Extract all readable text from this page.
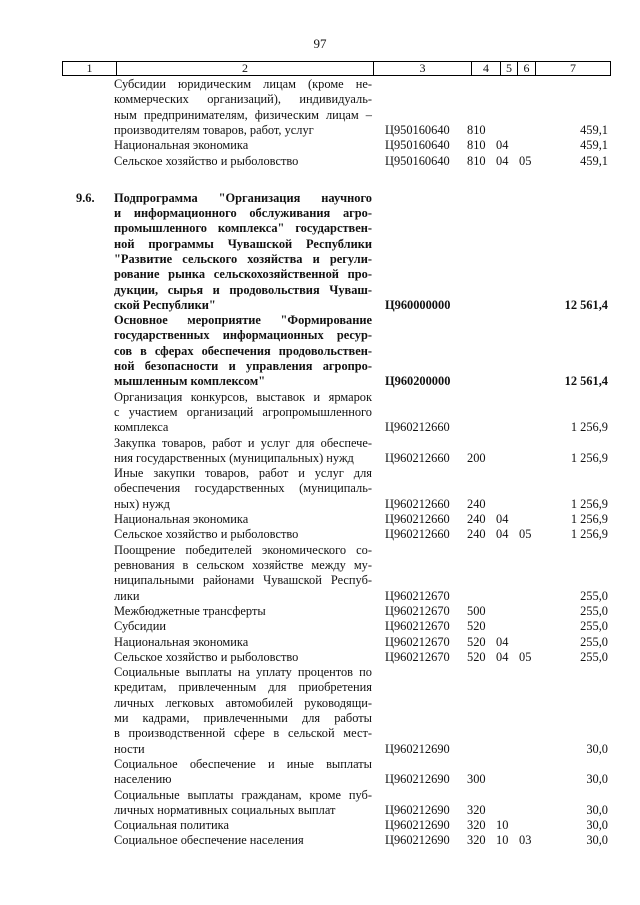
97
1	2	3	4	5 6	7
Субсидии юридическим лицам (кроме не-
коммерческих организаций), индивидуаль-
ным предпринимателям, физическим лицам –
производителям товаров, работ, услуг	Ц950160640 810	459,1
Национальная экономика	Ц950160640 810 04	459,1
Сельское хозяйство и рыболовство	Ц950160640 810 04 05	459,1
9.6.	Подпрограмма "Организация научного
и информационного обслуживания агро-
промышленного комплекса" государствен-
ной программы Чувашской Республики
"Развитие сельского хозяйства и регули-
рование рынка сельскохозяйственной про-
дукции, сырья и продовольствия Чуваш-
ской Республики"	Ц960000000	12 561,4
Основное мероприятие "Формирование
государственных информационных ресур-
сов в сферах обеспечения продовольствен-
ной безопасности и управления агропро-
мышленным комплексом"	Ц960200000	12 561,4
Организация конкурсов, выставок и ярмарок
с участием организаций агропромышленного
комплекса	Ц960212660	1 256,9
Закупка товаров, работ и услуг для обеспече-
ния государственных (муниципальных) нужд	Ц960212660 200	1 256,9
Иные закупки товаров, работ и услуг для
обеспечения государственных (муниципаль-
ных) нужд	Ц960212660 240	1 256,9
Национальная экономика	Ц960212660 240 04	1 256,9
Сельское хозяйство и рыболовство	Ц960212660 240 04 05	1 256,9
Поощрение победителей экономического со-
ревнования в сельском хозяйстве между му-
ниципальными районами Чувашской Респуб-
лики	Ц960212670	255,0
Межбюджетные трансферты	Ц960212670 500	255,0
Субсидии	Ц960212670 520	255,0
Национальная экономика	Ц960212670 520 04	255,0
Сельское хозяйство и рыболовство	Ц960212670 520 04 05	255,0
Социальные выплаты на уплату процентов по
кредитам, привлеченным для приобретения
личных легковых автомобилей руководящи-
ми кадрами, привлеченными для работы
в производственной сфере в сельской мест-
ности	Ц960212690	30,0
Социальное обеспечение и иные выплаты
населению	Ц960212690 300	30,0
Социальные выплаты гражданам, кроме пуб-
личных нормативных социальных выплат	Ц960212690 320	30,0
Социальная политика	Ц960212690 320 10	30,0
Социальное обеспечение населения	Ц960212690 320 10 03	30,0
